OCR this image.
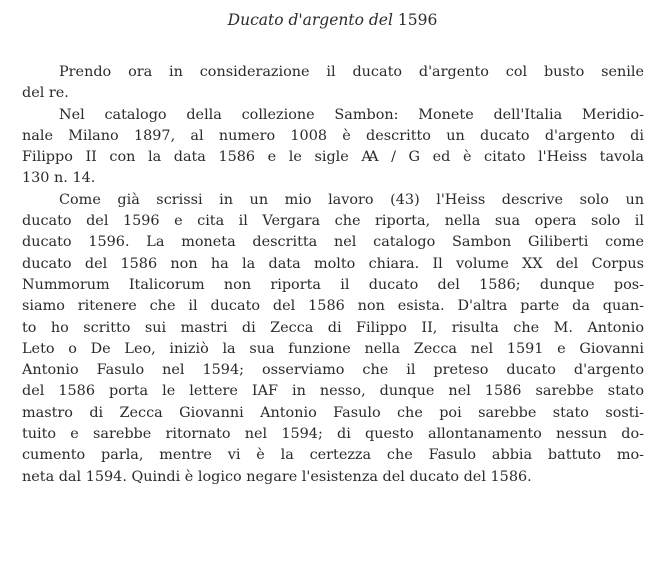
Ducato d'argento del 1596
Prendo ora in considerazione il ducato d'argento col busto senile
del re.
Nel catalogo della collezione Sambon: Monete dell'Italia Meridio-
nale Milano 1897, al numero 1008 è descritto un ducato d'argento di
Filippo II con la data 1586 e le sigle Ꜳ / G ed è citato l'Heiss tavola
130 n. 14.
Come già scrissi in un mio lavoro (43) l'Heiss descrive solo un
ducato del 1596 e cita il Vergara che riporta, nella sua opera solo il
ducato 1596. La moneta descritta nel catalogo Sambon Giliberti come
ducato del 1586 non ha la data molto chiara. Il volume XX del Corpus
Nummorum Italicorum non riporta il ducato del 1586; dunque pos-
siamo ritenere che il ducato del 1586 non esista. D'altra parte da quan-
to ho scritto sui mastri di Zecca di Filippo II, risulta che M. Antonio
Leto o De Leo, iniziò la sua funzione nella Zecca nel 1591 e Giovanni
Antonio Fasulo nel 1594; osserviamo che il preteso ducato d'argento
del 1586 porta le lettere IAF in nesso, dunque nel 1586 sarebbe stato
mastro di Zecca Giovanni Antonio Fasulo che poi sarebbe stato sosti-
tuito e sarebbe ritornato nel 1594; di questo allontanamento nessun do-
cumento parla, mentre vi è la certezza che Fasulo abbia battuto mo-
neta dal 1594. Quindi è logico negare l'esistenza del ducato del 1586.
